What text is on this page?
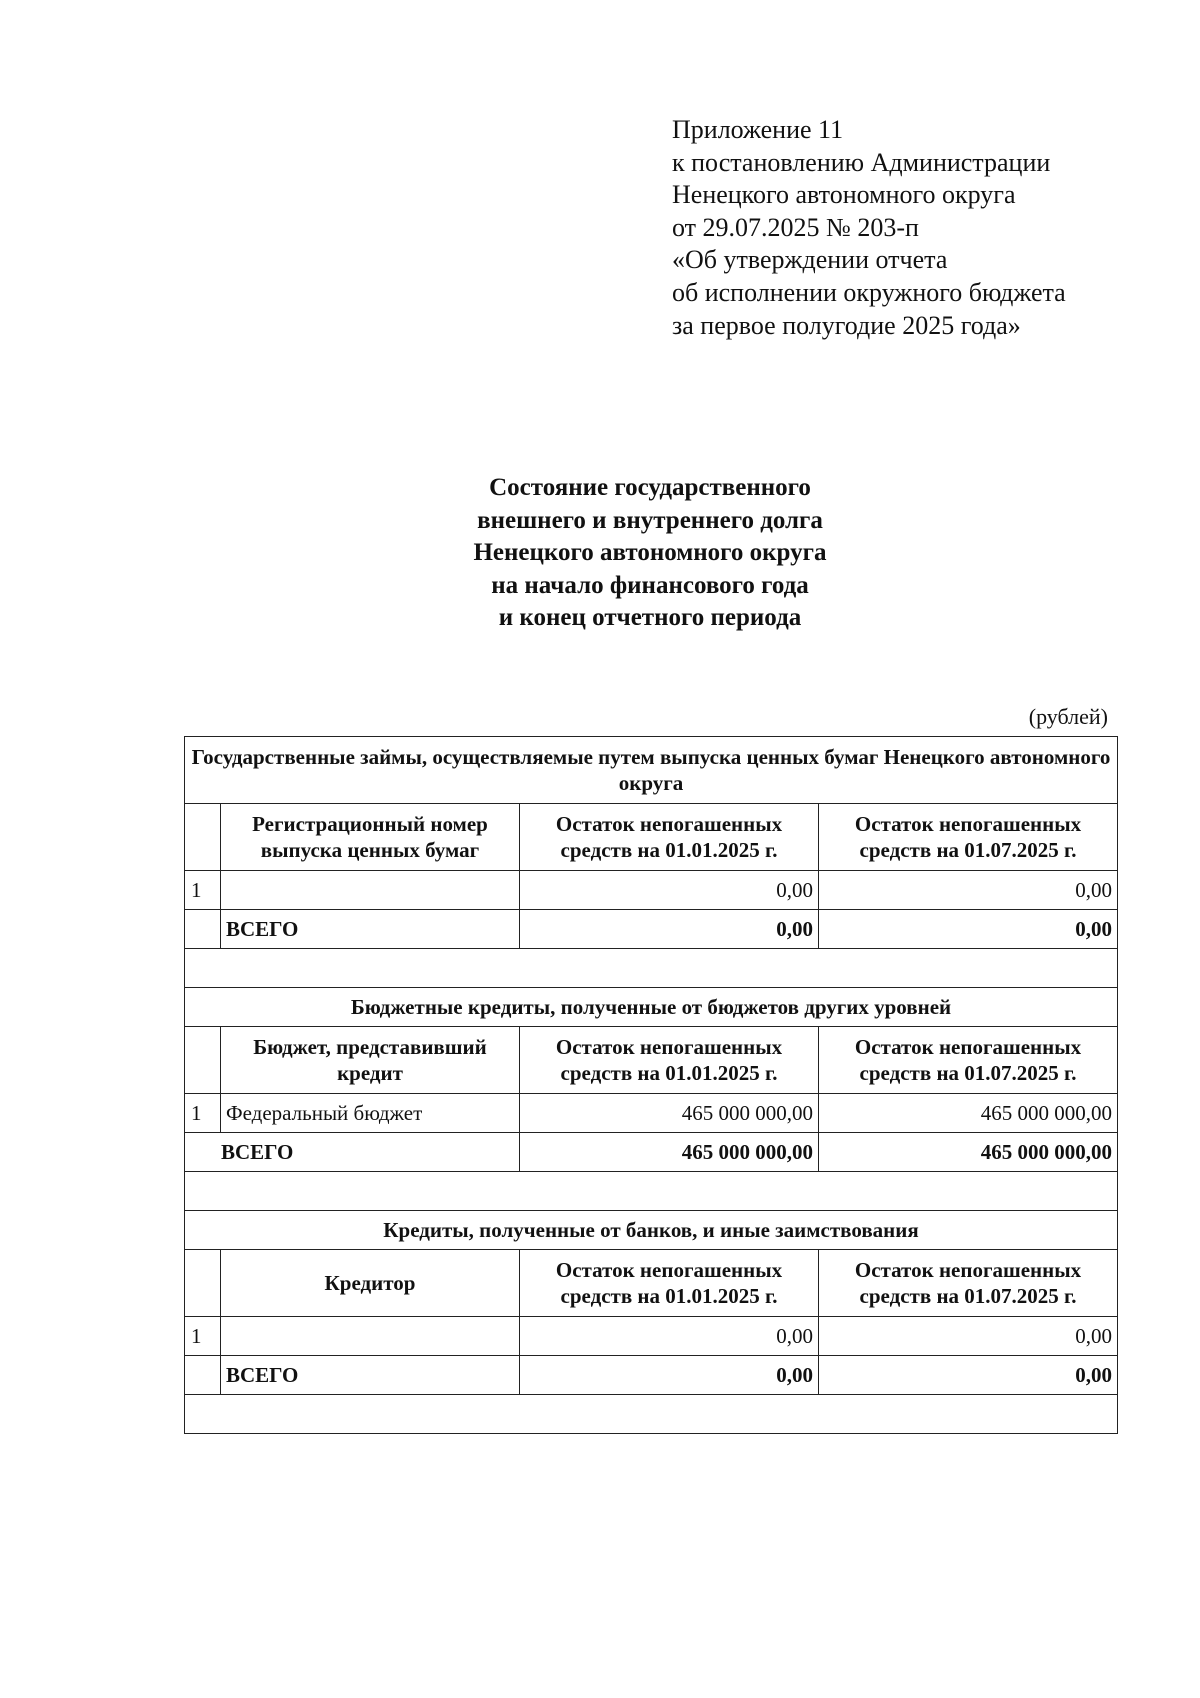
Приложение 11
к постановлению Администрации
Ненецкого автономного округа
от 29.07.2025 № 203-п
«Об утверждении отчета
об исполнении окружного бюджета
за первое полугодие 2025 года»
Состояние государственного
внешнего и внутреннего долга
Ненецкого автономного округа
на начало финансового года
и конец отчетного периода
(рублей)
Государственные займы, осуществляемые путем выпуска ценных бумаг Ненецкого автономного округа			
	Регистрационный номер выпуска ценных бумаг	Остаток непогашенных средств на 01.01.2025 г.	Остаток непогашенных средств на 01.07.2025 г.
1		0,00	0,00
	ВСЕГО	0,00	0,00

Бюджетные кредиты, полученные от бюджетов других уровней			
	Бюджет, представивший кредит	Остаток непогашенных средств на 01.01.2025 г.	Остаток непогашенных средств на 01.07.2025 г.
1	Федеральный бюджет	465 000 000,00	465 000 000,00
ВСЕГО		465 000 000,00	465 000 000,00

Кредиты, полученные от банков, и иные заимствования			
	Кредитор	Остаток непогашенных средств на 01.01.2025 г.	Остаток непогашенных средств на 01.07.2025 г.
1		0,00	0,00
	ВСЕГО	0,00	0,00
